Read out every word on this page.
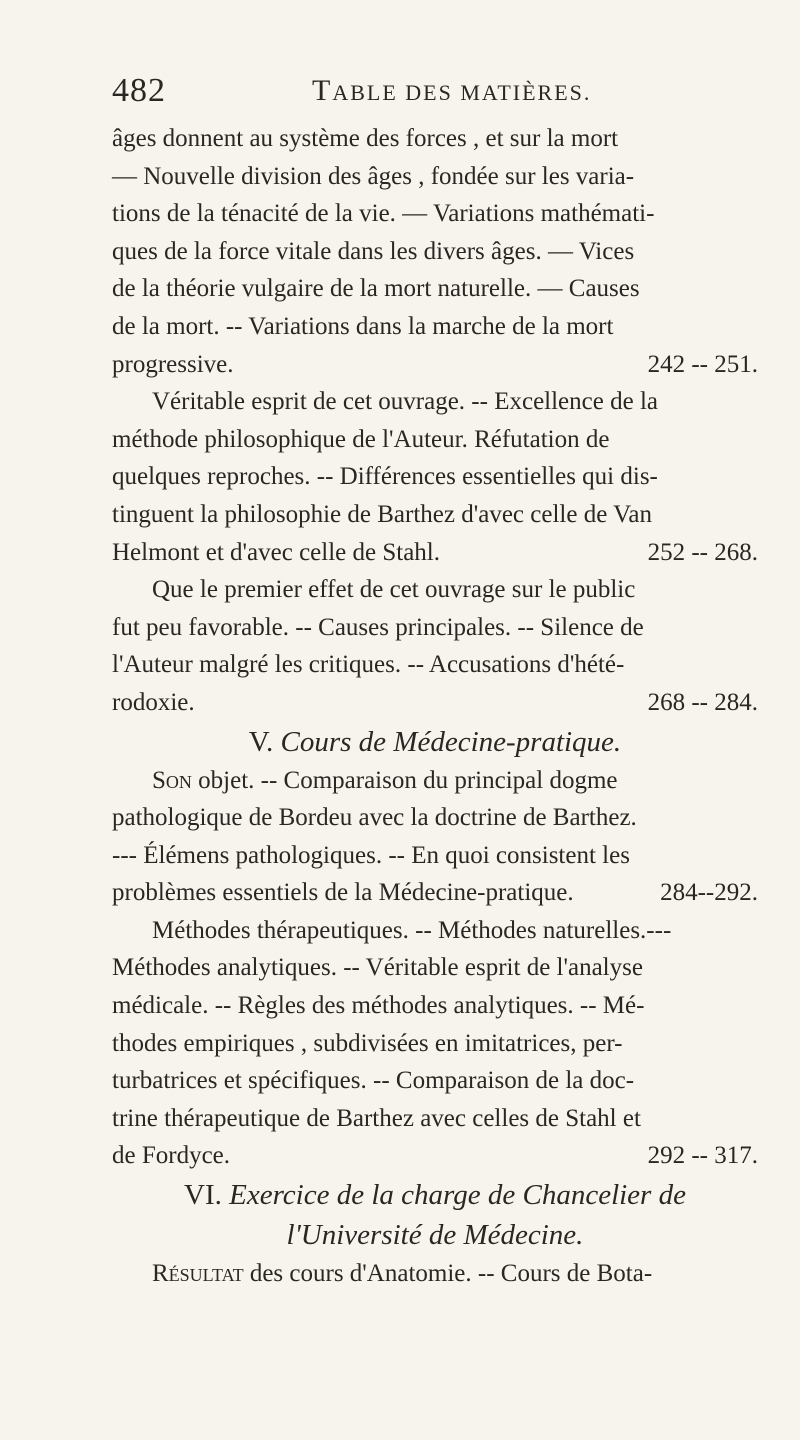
482	TABLE DES MATIÈRES.
âges donnent au système des forces , et sur la mort
— Nouvelle division des âges , fondée sur les varia-
tions de la ténacité de la vie. — Variations mathémati-
ques de la force vitale dans les divers âges. — Vices
de la théorie vulgaire de la mort naturelle. — Causes
de la mort. -- Variations dans la marche de la mort
progressive.	242 -- 251.
Véritable esprit de cet ouvrage. -- Excellence de la
méthode philosophique de l'Auteur. Réfutation de
quelques reproches. -- Différences essentielles qui dis-
tinguent la philosophie de Barthez d'avec celle de Van
Helmont et d'avec celle de Stahl.	252 -- 268.
Que le premier effet de cet ouvrage sur le public
fut peu favorable. -- Causes principales. -- Silence de
l'Auteur malgré les critiques. -- Accusations d'hété-
rodoxie.	268 -- 284.
V. Cours de Médecine-pratique.
Son objet. -- Comparaison du principal dogme
pathologique de Bordeu avec la doctrine de Barthez.
--- Élémens pathologiques. -- En quoi consistent les
problèmes essentiels de la Médecine-pratique.	284--292.
Méthodes thérapeutiques. -- Méthodes naturelles.---
Méthodes analytiques. -- Véritable esprit de l'analyse
médicale. -- Règles des méthodes analytiques. -- Mé-
thodes empiriques , subdivisées en imitatrices, per-
turbatrices et spécifiques. -- Comparaison de la doc-
trine thérapeutique de Barthez avec celles de Stahl et
de Fordyce.	292 -- 317.
VI. Exercice de la charge de Chancelier de
l'Université de Médecine.
Résultat des cours d'Anatomie. -- Cours de Bota-
